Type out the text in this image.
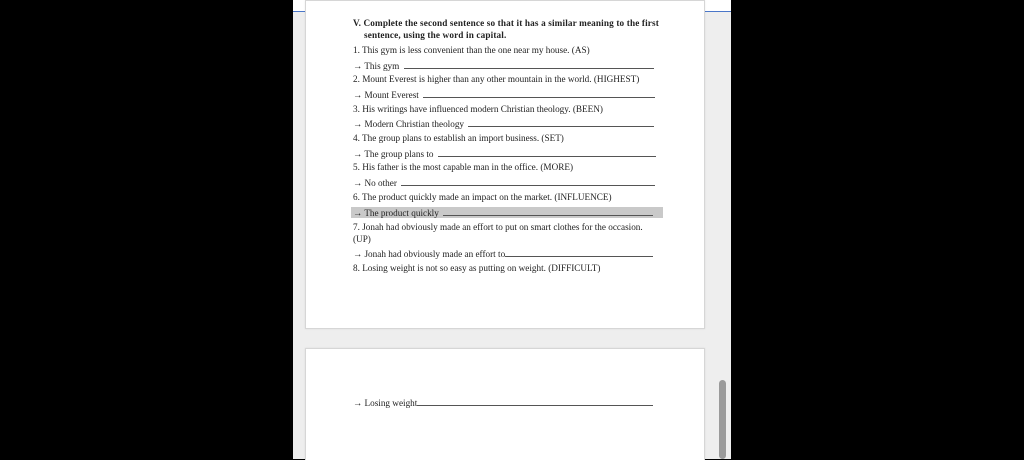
V. Complete the second sentence so that it has a similar meaning to the first
sentence, using the word in capital.
1. This gym is less convenient than the one near my house. (AS)
→ This gym
2. Mount Everest is higher than any other mountain in the world. (HIGHEST)
→ Mount Everest
3. His writings have influenced modern Christian theology. (BEEN)
→ Modern Christian theology
4. The group plans to establish an import business. (SET)
→ The group plans to
5. His father is the most capable man in the office. (MORE)
→ No other
6. The product quickly made an impact on the market. (INFLUENCE)
→ The product quickly
7. Jonah had obviously made an effort to put on smart clothes for the occasion.
(UP)
→ Jonah had obviously made an effort to
8. Losing weight is not so easy as putting on weight. (DIFFICULT)
→ Losing weight
